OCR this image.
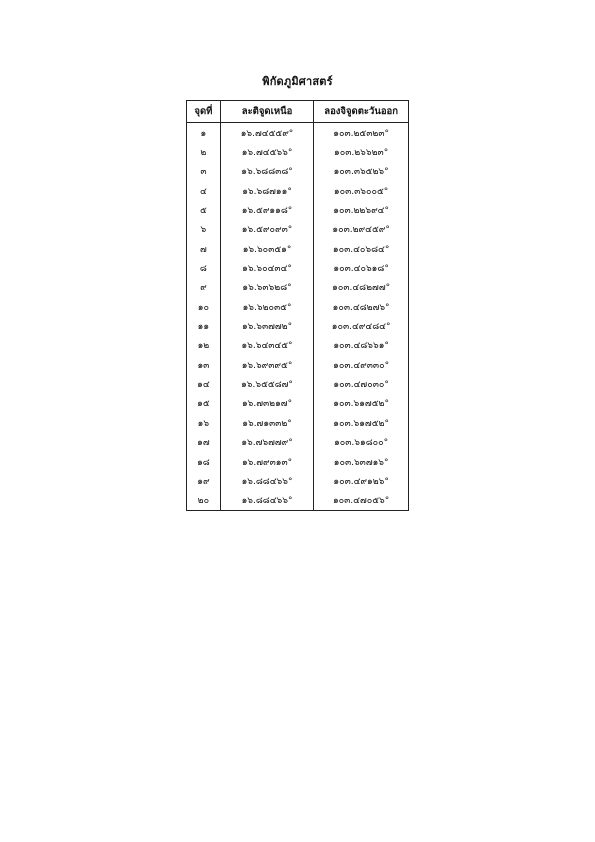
พิกัดภูมิศาสตร์
จุดที่	ละติจูดเหนือ	ลองจิจูดตะวันออก
๑	๑๖.๗๔๕๕๙°	๑๐๓.๒๕๓๒๓°
๒	๑๖.๗๔๕๖๖°	๑๐๓.๒๖๖๒๓°
๓	๑๖.๖๘๘๓๘°	๑๐๓.๓๖๕๒๖°
๔	๑๖.๖๘๗๑๑°	๑๐๓.๓๖๐๐๕°
๕	๑๖.๕๙๑๑๘°	๑๐๓.๒๒๖๙๔°
๖	๑๖.๕๙๐๙๓°	๑๐๓.๒๙๔๕๙°
๗	๑๖.๖๐๓๕๑°	๑๐๓.๔๐๖๘๔°
๘	๑๖.๖๐๔๓๔°	๑๐๓.๔๐๖๑๘°
๙	๑๖.๖๓๖๒๘°	๑๐๓.๔๘๒๗๗°
๑๐	๑๖.๖๒๐๓๕°	๑๐๓.๔๘๒๗๖°
๑๑	๑๖.๖๓๗๗๒°	๑๐๓.๔๙๔๘๔°
๑๒	๑๖.๖๔๓๔๕°	๑๐๓.๔๘๖๖๑°
๑๓	๑๖.๖๙๓๙๕°	๑๐๓.๔๙๓๓๐°
๑๔	๑๖.๖๕๕๘๗°	๑๐๓.๔๗๐๓๐°
๑๕	๑๖.๗๓๒๑๗°	๑๐๓.๖๑๗๕๒°
๑๖	๑๖.๗๑๓๓๒°	๑๐๓.๖๑๗๕๒°
๑๗	๑๖.๗๖๗๗๙°	๑๐๓.๖๑๘๐๐°
๑๘	๑๖.๗๙๓๑๓°	๑๐๓.๖๓๗๑๖°
๑๙	๑๖.๘๘๔๖๖°	๑๐๓.๔๙๑๒๖°
๒๐	๑๖.๘๘๔๖๖°	๑๐๓.๔๗๐๕๖°
